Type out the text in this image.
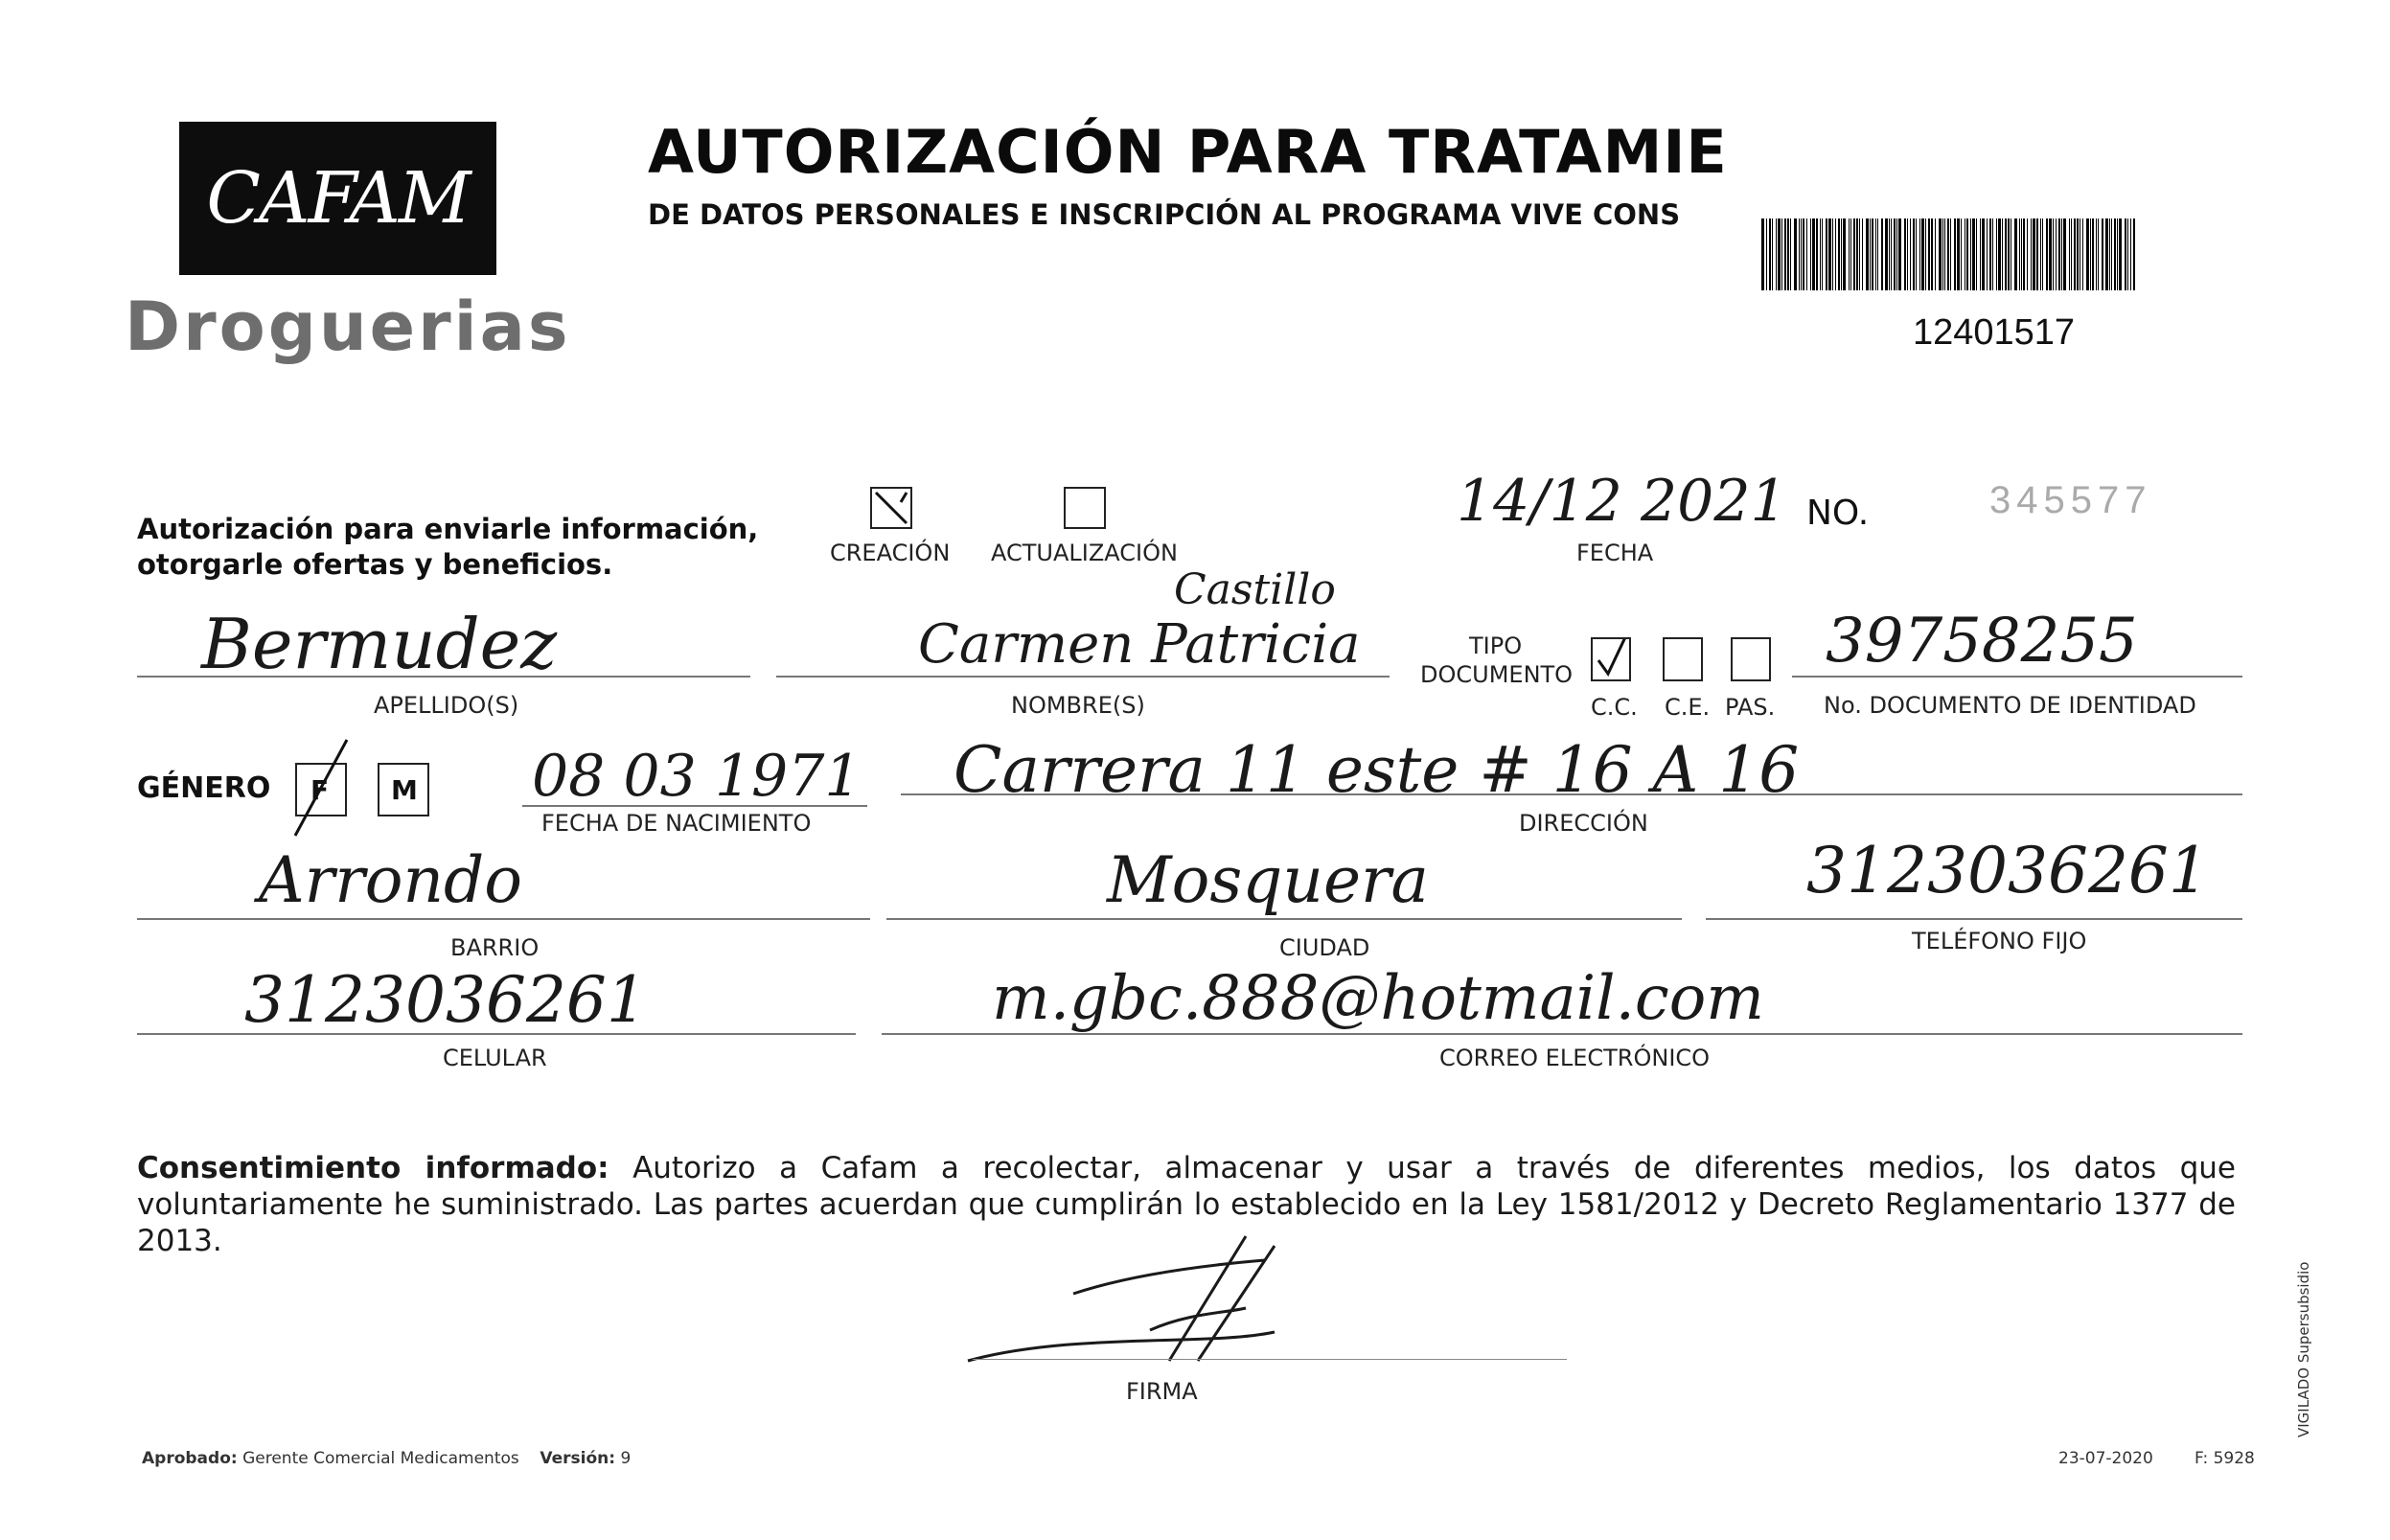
CAFAM
Droguerias
AUTORIZACIÓN PARA TRATAMIE
DE DATOS PERSONALES E INSCRIPCIÓN AL PROGRAMA VIVE CONS
12401517
Autorización para enviarle información,
otorgarle ofertas y beneficios.	CREACIÓN ACTUALIZACIÓN
14/12 2021
FECHA
NO.	345577
Bermudez
APELLIDO(S)
Castillo
Carmen Patricia
NOMBRE(S)
TIPO
DOCUMENTO
C.C. C.E. PAS.
39758255
No. DOCUMENTO DE IDENTIDAD
GÉNERO F M 08 03 1971
FECHA DE NACIMIENTO
Carrera 11 este # 16 A 16
DIRECCIÓN
Arrondo
BARRIO
Mosquera
CIUDAD
3123036261
TELÉFONO FIJO
3123036261
CELULAR
m.gbc.888@hotmail.com
CORREO ELECTRÓNICO
Consentimiento informado: Autorizo a Cafam a recolectar, almacenar y usar a través de diferentes medios, los datos que voluntariamente he suministrado. Las partes acuerdan que cumplirán lo establecido en la Ley 1581/2012 y Decreto Reglamentario 1377 de 2013.
FIRMA
Aprobado: Gerente Comercial Medicamentos Versión: 9	23-07-2020	F: 5928
VIGILADO Supersubsidio
